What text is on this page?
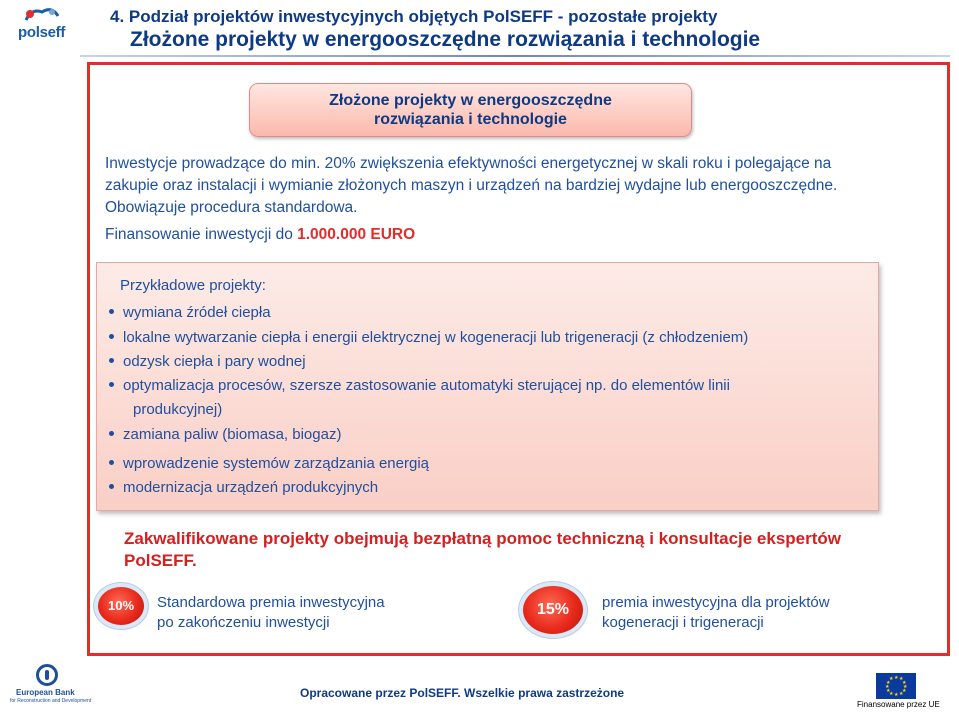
polseff
4. Podział projektów inwestycyjnych objętych PolSEFF - pozostałe projekty
Złożone projekty w energooszczędne rozwiązania i technologie
Złożone projekty w energooszczędne
rozwiązania i technologie
Inwestycje prowadzące do min. 20% zwiększenia efektywności energetycznej w skali roku i polegające na zakupie oraz instalacji i wymianie złożonych maszyn i urządzeń na bardziej wydajne lub energooszczędne. Obowiązuje procedura standardowa.
Finansowanie inwestycji do 1.000.000 EURO
Przykładowe projekty:
wymiana źródeł ciepła
lokalne wytwarzanie ciepła i energii elektrycznej w kogeneracji lub trigeneracji (z chłodzeniem)
odzysk ciepła i pary wodnej
optymalizacja procesów, szersze zastosowanie automatyki sterującej np. do elementów linii
produkcyjnej)
zamiana paliw (biomasa, biogaz)
wprowadzenie systemów zarządzania energią
modernizacja urządzeń produkcyjnych
Zakwalifikowane projekty obejmują bezpłatną pomoc techniczną i konsultacje ekspertów PolSEFF.
10%	Standardowa premia inwestycyjna
po zakończeniu inwestycji
15%	premia inwestycyjna dla projektów
kogeneracji i trigeneracji
European Bank
for Reconstruction and Development
Opracowane przez PolSEFF. Wszelkie prawa zastrzeżone
★ ★
★
★
★
★
★
★
★
★
★
★
Finansowane przez UE
